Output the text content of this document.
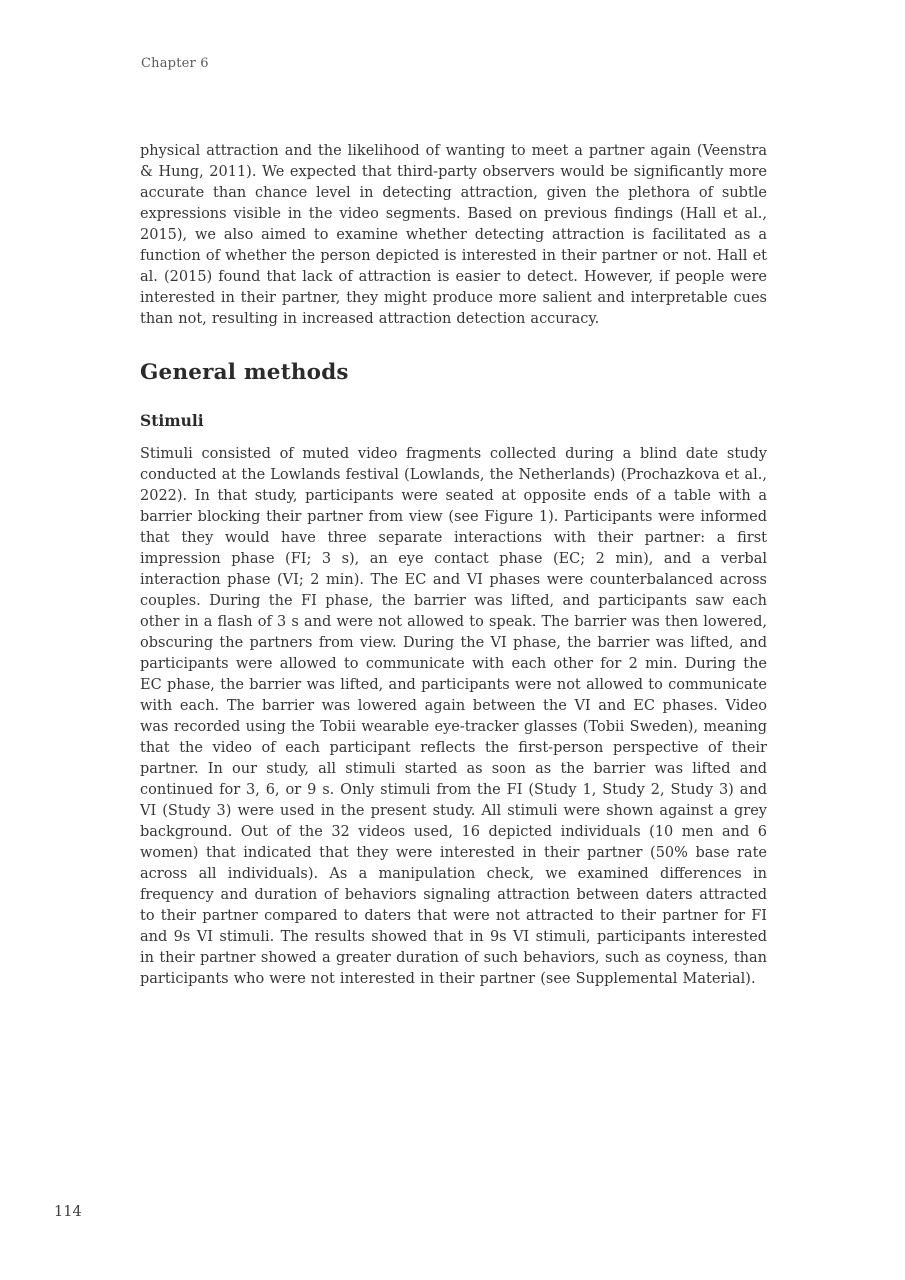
Chapter 6

physical attraction and the likelihood of wanting to meet a partner again (Veenstra & Hung, 2011). We expected that third-party observers would be significantly more accurate than chance level in detecting attraction, given the plethora of subtle expressions visible in the video segments. Based on previous findings (Hall et al., 2015), we also aimed to examine whether detecting attraction is facilitated as a function of whether the person depicted is interested in their partner or not. Hall et al. (2015) found that lack of attraction is easier to detect. However, if people were interested in their partner, they might produce more salient and interpretable cues than not, resulting in increased attraction detection accuracy.

General methods
Stimuli

Stimuli consisted of muted video fragments collected during a blind date study conducted at the Lowlands festival (Lowlands, the Netherlands) (Prochazkova et al., 2022). In that study, participants were seated at opposite ends of a table with a barrier blocking their partner from view (see Figure 1). Participants were informed that they would have three separate interactions with their partner: a first impression phase (FI; 3 s), an eye contact phase (EC; 2 min), and a verbal interaction phase (VI; 2 min). The EC and VI phases were counterbalanced across couples. During the FI phase, the barrier was lifted, and participants saw each other in a flash of 3 s and were not allowed to speak. The barrier was then lowered, obscuring the partners from view. During the VI phase, the barrier was lifted, and participants were allowed to communicate with each other for 2 min. During the EC phase, the barrier was lifted, and participants were not allowed to communicate with each. The barrier was lowered again between the VI and EC phases. Video was recorded using the Tobii wearable eye-tracker glasses (Tobii Sweden), meaning that the video of each participant reflects the first-person perspective of their partner. In our study, all stimuli started as soon as the barrier was lifted and continued for 3, 6, or 9 s. Only stimuli from the FI (Study 1, Study 2, Study 3) and VI (Study 3) were used in the present study. All stimuli were shown against a grey background. Out of the 32 videos used, 16 depicted individuals (10 men and 6 women) that indicated that they were interested in their partner (50% base rate across all individuals). As a manipulation check, we examined differences in frequency and duration of behaviors signaling attraction between daters attracted to their partner compared to daters that were not attracted to their partner for FI and 9s VI stimuli. The results showed that in 9s VI stimuli, participants interested in their partner showed a greater duration of such behaviors, such as coyness, than participants who were not interested in their partner (see Supplemental Material).

114
